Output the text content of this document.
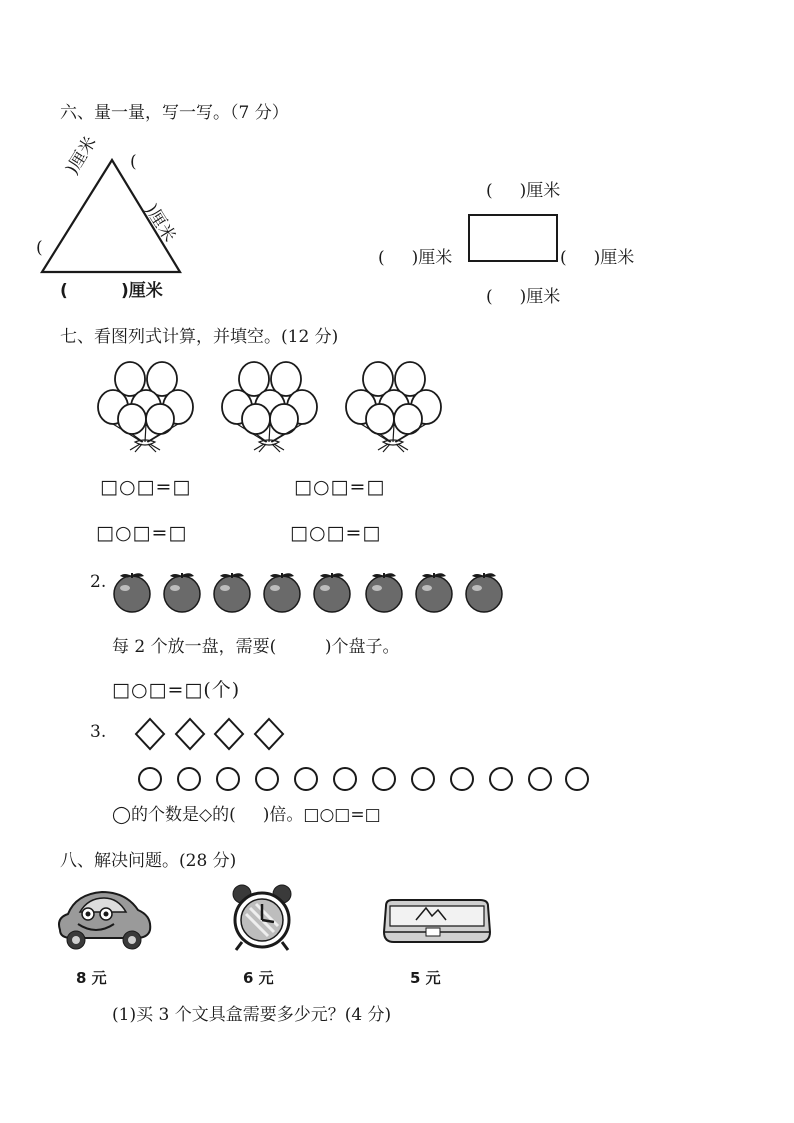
六、量一量，写一写。（7 分）
)厘米 (
(
)厘米
(         )厘米
(     )厘米
(     )厘米	(     )厘米
(     )厘米
七、看图列式计算，并填空。(12 分)
□○□=□	□○□=□
□○□=□	□○□=□
2.
每 2 个放一盘，需要(         )个盘子。
□○□=□(个)
3.
◯的个数是◇的(     )倍。□○□=□
八、解决问题。(28 分)
8 元	6 元	5 元
(1)买 3 个文具盒需要多少元？(4 分)
